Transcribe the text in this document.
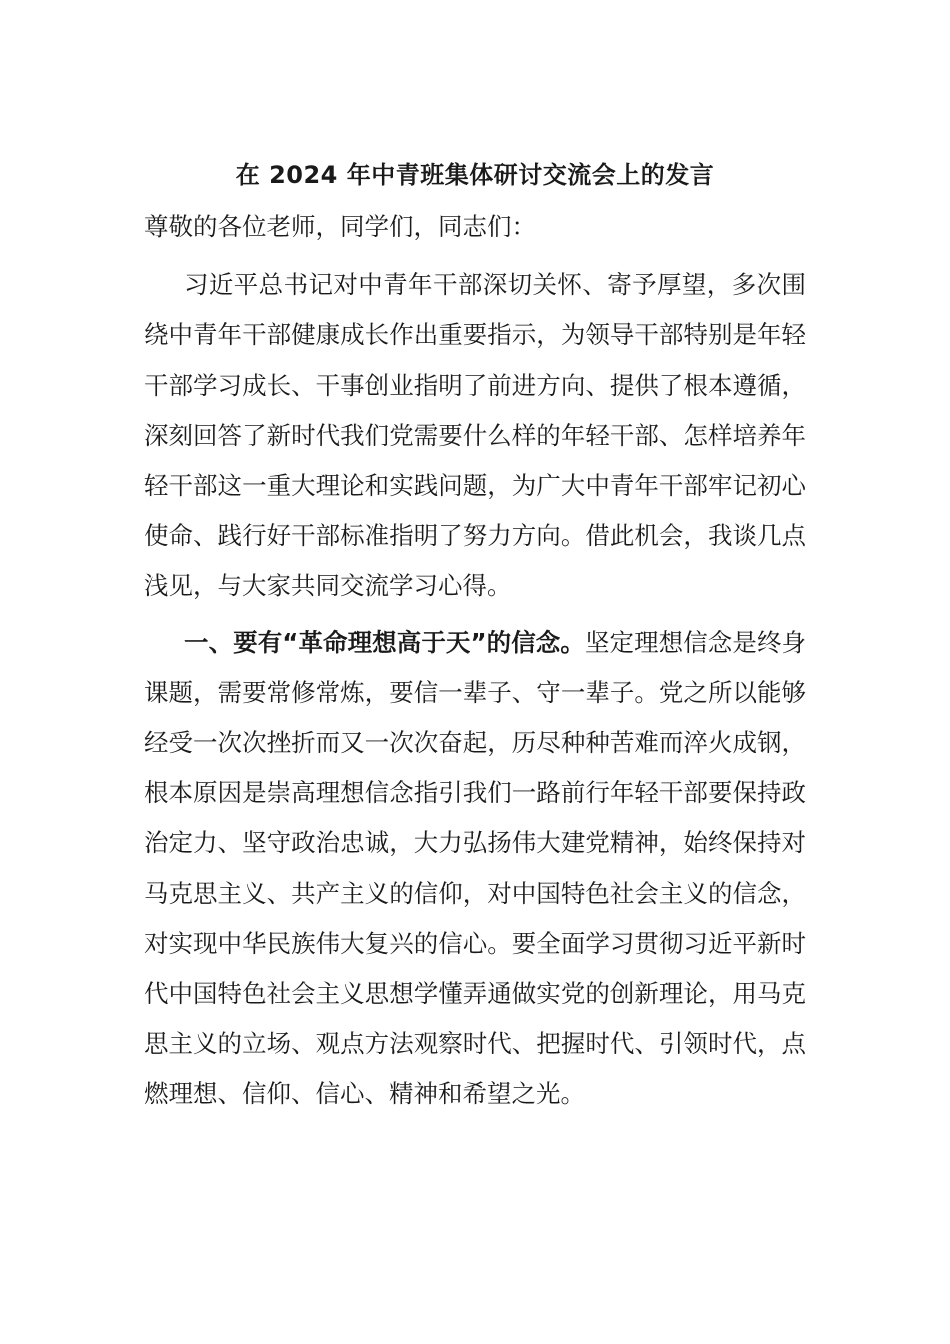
在 2024 年中青班集体研讨交流会上的发言

尊敬的各位老师，同学们，同志们：

习近平总书记对中青年干部深切关怀、寄予厚望，多次围绕中青年干部健康成长作出重要指示，为领导干部特别是年轻干部学习成长、干事创业指明了前进方向、提供了根本遵循，深刻回答了新时代我们党需要什么样的年轻干部、怎样培养年轻干部这一重大理论和实践问题，为广大中青年干部牢记初心使命、践行好干部标准指明了努力方向。借此机会，我谈几点浅见，与大家共同交流学习心得。

一、要有“革命理想高于天”的信念。坚定理想信念是终身课题，需要常修常炼，要信一辈子、守一辈子。党之所以能够经受一次次挫折而又一次次奋起，历尽种种苦难而淬火成钢，根本原因是崇高理想信念指引我们一路前行年轻干部要保持政治定力、坚守政治忠诚，大力弘扬伟大建党精神，始终保持对马克思主义、共产主义的信仰，对中国特色社会主义的信念，对实现中华民族伟大复兴的信心。要全面学习贯彻习近平新时代中国特色社会主义思想学懂弄通做实党的创新理论，用马克思主义的立场、观点方法观察时代、把握时代、引领时代，点燃理想、信仰、信心、精神和希望之光。
